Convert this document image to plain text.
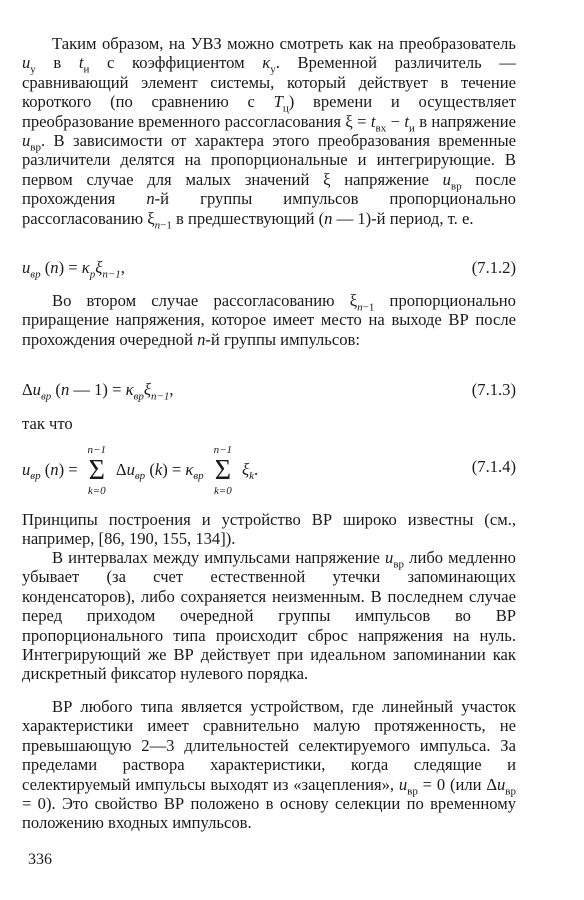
Таким образом, на УВЗ можно смотреть как на преобразователь $u_у$ в $t_и$ с коэффициентом $\kappa_у$. Временной различитель — сравнивающий элемент системы, который действует в течение короткого (по сравнению с $T_ц$) времени и осуществляет преобразование временного рассогласования $\xi = t_{вх} - t_и$ в напряжение $u_{вр}$. В зависимости от характера этого преобразования временные различители делятся на пропорциональные и интегрирующие. В первом случае для малых значений ξ напряжение $u_{вр}$ после прохождения n-й группы импульсов пропорционально рассогласованию $\xi_{n-1}$ в предшествующий (n — 1)-й период, т. е.
$u_{вр}$ $(n) = \kappa_р\xi_{n-1}$,	(7.1.2)
Во втором случае рассогласованию $\xi_{n-1}$ пропорционально приращение напряжения, которое имеет место на выходе ВР после прохождения очередной n-й группы импульсов:
$\Delta u_{вр}$ (n — $1) = \kappa_{вр}\xi_{n-1}$,	(7.1.3)
так что
$u_{вр}$ (n) =
n−1
Σ
k=0
$\Delta u_{вр}$ $(k) = \kappa_{вр}$
n−1
Σ
k=0
$\xi_k$.	(7.1.4)
Принципы построения и устройство ВР широко известны (см., например, [86, 190, 155, 134]).
В интервалах между импульсами напряжение $u_{вр}$ либо медленно убывает (за счет естественной утечки запоминающих конденсаторов), либо сохраняется неизменным. В последнем случае перед приходом очередной группы импульсов во ВР пропорционального типа происходит сброс напряжения на нуль. Интегрирующий же ВР действует при идеальном запоминании как дискретный фиксатор нулевого порядка.
ВР любого типа является устройством, где линейный участок характеристики имеет сравнительно малую протяженность, не превышающую 2—3 длительностей селектируемого импульса. За пределами раствора характеристики, когда следящие и селектируемый импульсы выходят из «зацепления», $u_{вр} = 0$ (или $\Delta u_{вр} = 0$). Это свойство ВР положено в основу селекции по временному положению входных импульсов.
336
